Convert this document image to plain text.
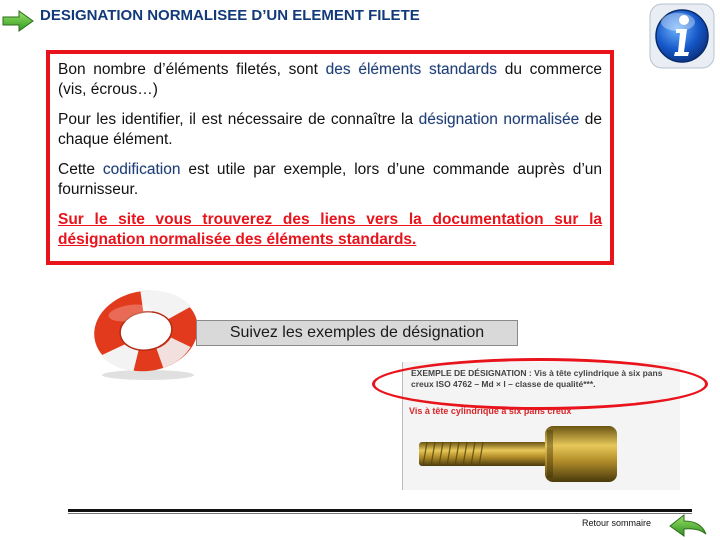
DESIGNATION NORMALISEE D’UN ELEMENT FILETE

Bon nombre d’éléments filetés, sont des éléments standards du commerce (vis, écrous…)

Pour les identifier, il est nécessaire de connaître la désignation normalisée de chaque élément.

Cette codification est utile par exemple, lors d’une commande auprès d’un fournisseur.

Sur le site vous trouverez des liens vers la documentation sur la désignation normalisée des éléments standards.

Suivez les exemples de désignation
EXEMPLE DE DÉSIGNATION : Vis à tête cylindrique à six pans creux ISO 4762 – Md × l – classe de qualité***.
Vis à tête cylindrique à six pans creux
Retour sommaire
